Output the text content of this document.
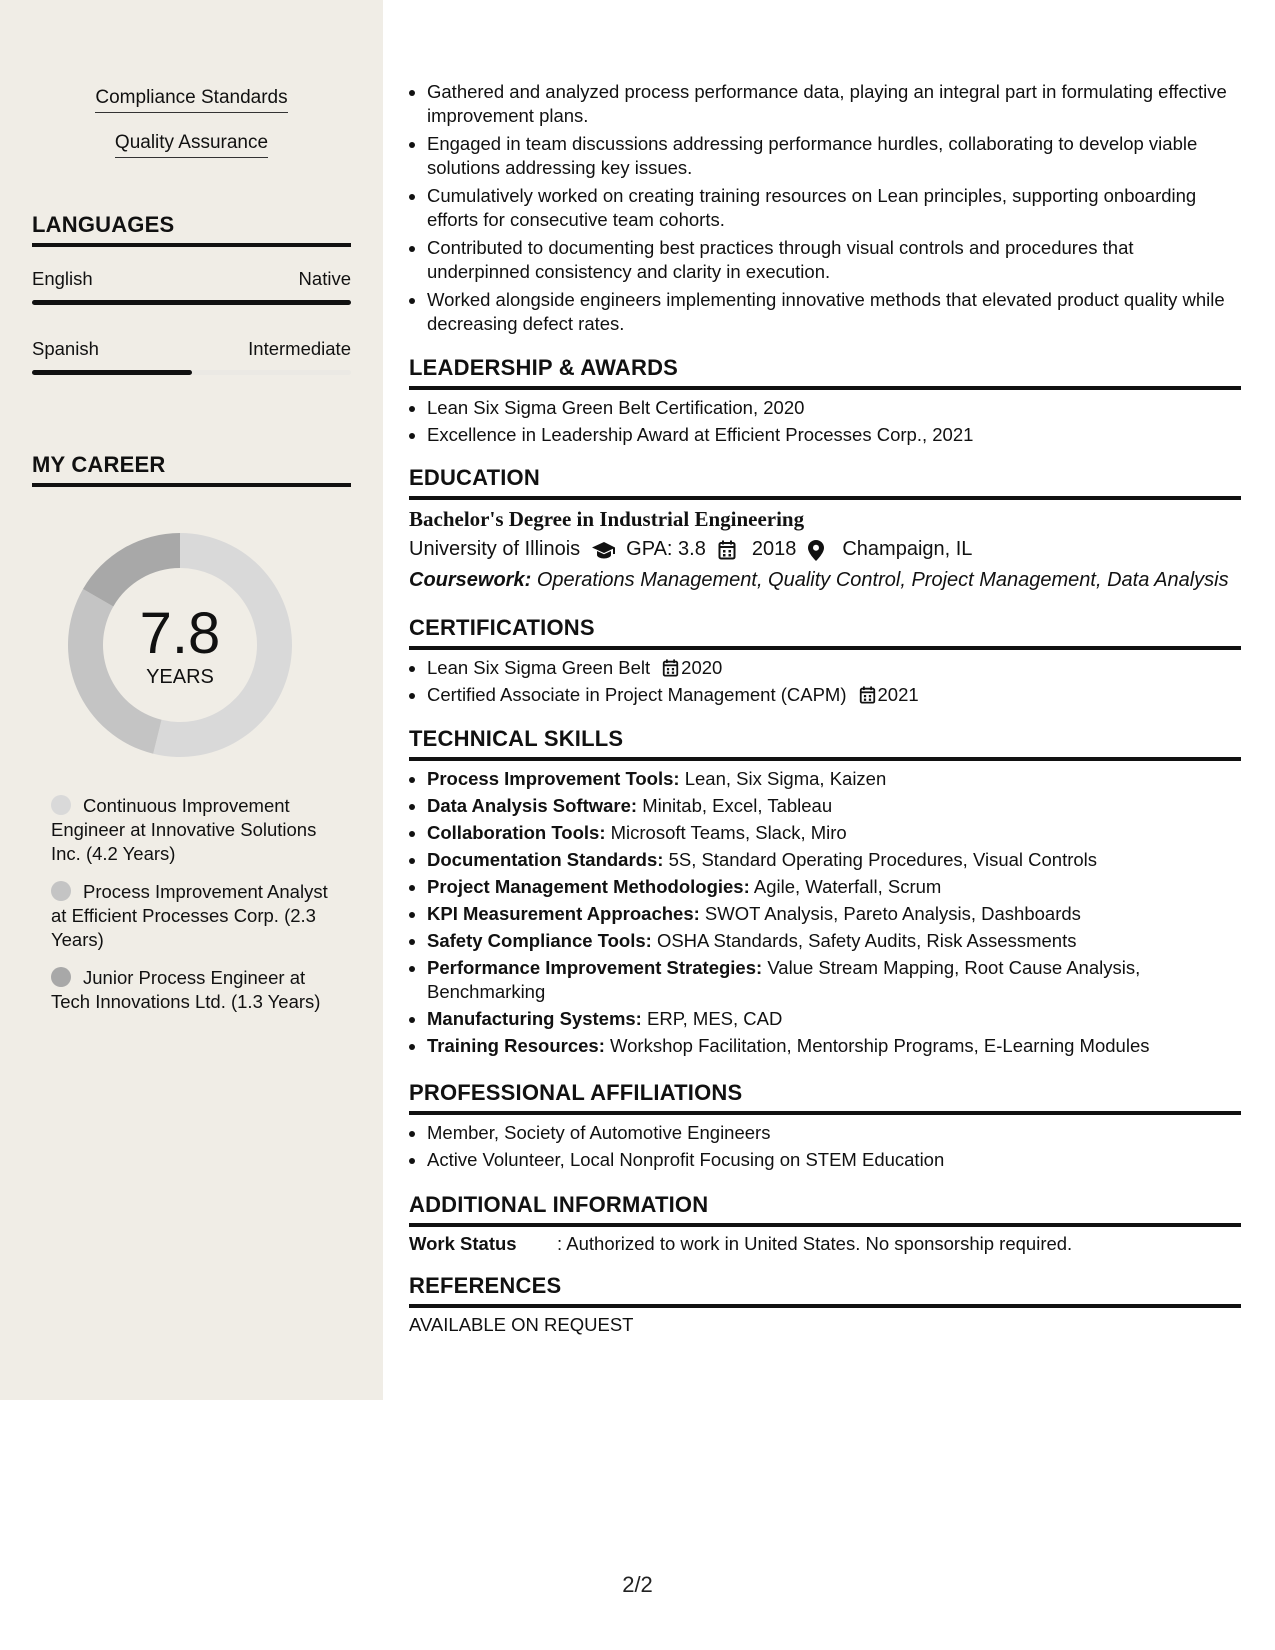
Compliance Standards
Quality Assurance
LANGUAGES
English	Native
Spanish	Intermediate
MY CAREER
7.8
YEARS
Continuous Improvement Engineer at Innovative Solutions Inc. (4.2 Years)
Process Improvement Analyst at Efficient Processes Corp. (2.3 Years)
Junior Process Engineer at Tech Innovations Ltd. (1.3 Years)
Gathered and analyzed process performance data, playing an integral part in formulating effective improvement plans.
Engaged in team discussions addressing performance hurdles, collaborating to develop viable solutions addressing key issues.
Cumulatively worked on creating training resources on Lean principles, supporting onboarding efforts for consecutive team cohorts.
Contributed to documenting best practices through visual controls and procedures that underpinned consistency and clarity in execution.
Worked alongside engineers implementing innovative methods that elevated product quality while decreasing defect rates.
LEADERSHIP & AWARDS
Lean Six Sigma Green Belt Certification, 2020
Excellence in Leadership Award at Efficient Processes Corp., 2021
EDUCATION
Bachelor's Degree in Industrial Engineering
University of Illinois GPA: 3.8 2018 Champaign, IL
Coursework: Operations Management, Quality Control, Project Management, Data Analysis
CERTIFICATIONS
Lean Six Sigma Green Belt 2020
Certified Associate in Project Management (CAPM) 2021
TECHNICAL SKILLS
Process Improvement Tools: Lean, Six Sigma, Kaizen
Data Analysis Software: Minitab, Excel, Tableau
Collaboration Tools: Microsoft Teams, Slack, Miro
Documentation Standards: 5S, Standard Operating Procedures, Visual Controls
Project Management Methodologies: Agile, Waterfall, Scrum
KPI Measurement Approaches: SWOT Analysis, Pareto Analysis, Dashboards
Safety Compliance Tools: OSHA Standards, Safety Audits, Risk Assessments
Performance Improvement Strategies: Value Stream Mapping, Root Cause Analysis, Benchmarking
Manufacturing Systems: ERP, MES, CAD
Training Resources: Workshop Facilitation, Mentorship Programs, E-Learning Modules
PROFESSIONAL AFFILIATIONS
Member, Society of Automotive Engineers
Active Volunteer, Local Nonprofit Focusing on STEM Education
ADDITIONAL INFORMATION
Work Status : Authorized to work in United States. No sponsorship required.
REFERENCES
AVAILABLE ON REQUEST
2/2
